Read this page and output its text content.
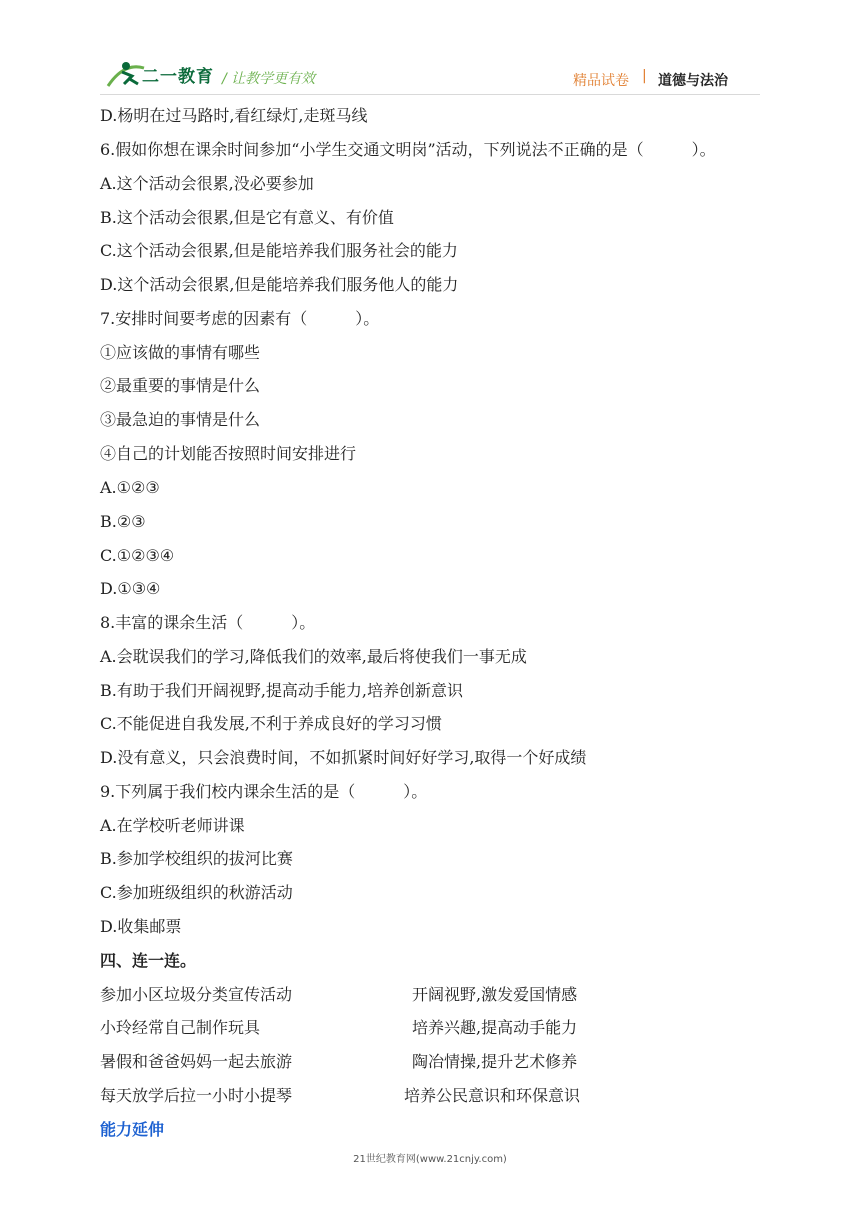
二一教育 / 让教学更有效	精品试卷 | 道德与法治
D.杨明在过马路时,看红绿灯,走斑马线
6.假如你想在课余时间参加“小学生交通文明岗”活动，下列说法不正确的是（　　　）。
A.这个活动会很累,没必要参加
B.这个活动会很累,但是它有意义、有价值
C.这个活动会很累,但是能培养我们服务社会的能力
D.这个活动会很累,但是能培养我们服务他人的能力
7.安排时间要考虑的因素有（　　　）。
①应该做的事情有哪些
②最重要的事情是什么
③最急迫的事情是什么
④自己的计划能否按照时间安排进行
A.①②③
B.②③
C.①②③④
D.①③④
8.丰富的课余生活（　　　）。
A.会耽误我们的学习,降低我们的效率,最后将使我们一事无成
B.有助于我们开阔视野,提高动手能力,培养创新意识
C.不能促进自我发展,不利于养成良好的学习习惯
D.没有意义，只会浪费时间，不如抓紧时间好好学习,取得一个好成绩
9.下列属于我们校内课余生活的是（　　　）。
A.在学校听老师讲课
B.参加学校组织的拔河比赛
C.参加班级组织的秋游活动
D.收集邮票
四、连一连。
参加小区垃圾分类宣传活动	开阔视野,激发爱国情感
小玲经常自己制作玩具	培养兴趣,提高动手能力
暑假和爸爸妈妈一起去旅游	陶冶情操,提升艺术修养
每天放学后拉一小时小提琴	培养公民意识和环保意识
能力延伸
21世纪教育网(www.21cnjy.com)
